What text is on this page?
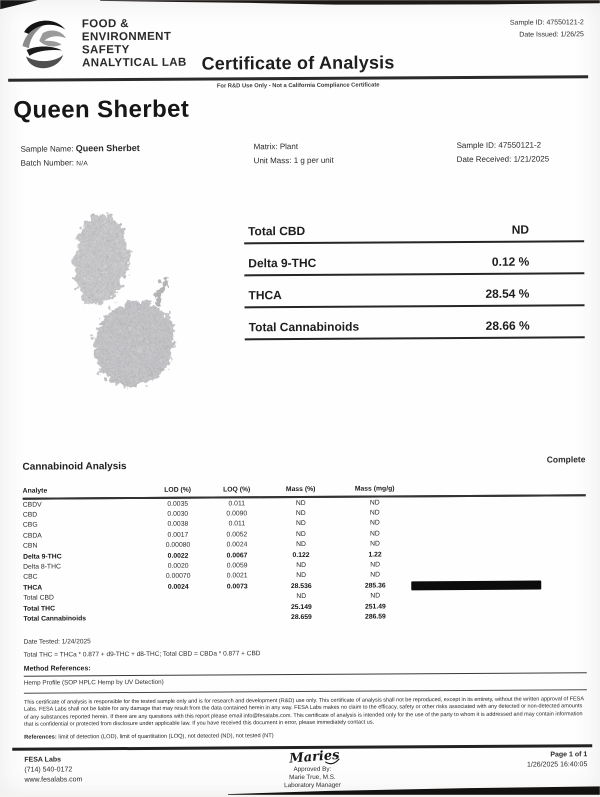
FOOD &
ENVIRONMENT
SAFETY
ANALYTICAL LAB Certificate of Analysis
Sample ID: 47550121-2
Date Issued: 1/26/25
For R&D Use Only - Not a California Compliance Certificate
Queen Sherbet
Sample Name: Queen Sherbet
Batch Number: N/A
Matrix: Plant
Unit Mass: 1 g per unit
Sample ID: 47550121-2
Date Received: 1/21/2025
Total CBD	ND
Delta 9-THC	0.12 %
THCA	28.54 %
Total Cannabinoids	28.66 %
Cannabinoid Analysis
Complete
Analyte	LOD (%)	LOQ (%)	Mass (%)	Mass (mg/g)	
CBDV	0.0035	0.011	ND	ND	
CBD	0.0030	0.0090	ND	ND	
CBG	0.0038	0.011	ND	ND	
CBDA	0.0017	0.0052	ND	ND	
CBN	0.00080	0.0024	ND	ND	
Delta 9-THC	0.0022	0.0067	0.122	1.22	
Delta 8-THC	0.0020	0.0059	ND	ND	
CBC	0.00070	0.0021	ND	ND	
THCA	0.0024	0.0073	28.536	285.36	

Total CBD			ND	ND	
Total THC			25.149	251.49	
Total Cannabinoids			28.659	286.59	
Date Tested: 1/24/2025
Total THC = THCa * 0.877 + d9-THC + d8-THC; Total CBD = CBDa * 0.877 + CBD
Method References:
Hemp Profile (SOP HPLC Hemp by UV Detection)
This certificate of analysis is responsible for the tested sample only and is for research and development (R&D) use only. This certificate of analysis shall not be reproduced, except in its entirety, without the written approval of FESA Labs. FESA Labs shall not be liable for any damage that may result from the data contained herein in any way. FESA Labs makes no claim to the efficacy, safety or other risks associated with any detected or non-detected amounts of any substances reported herein. If there are any questions with this report please email info@fesalabs.com. This certificate of analysis is intended only for the use of the party to whom it is addressed and may contain information that is confidential or protected from disclosure under applicable law. If you have received this document in error, please immediately contact us.
References: limit of detection (LOD), limit of quantitation (LOQ), not detected (ND), not tested (NT)
FESA Labs
(714) 540-0172
www.fesalabs.com
Maries
Approved By:
Marie True, M.S.
Laboratory Manager
Page 1 of 1
1/26/2025 16:40:05
